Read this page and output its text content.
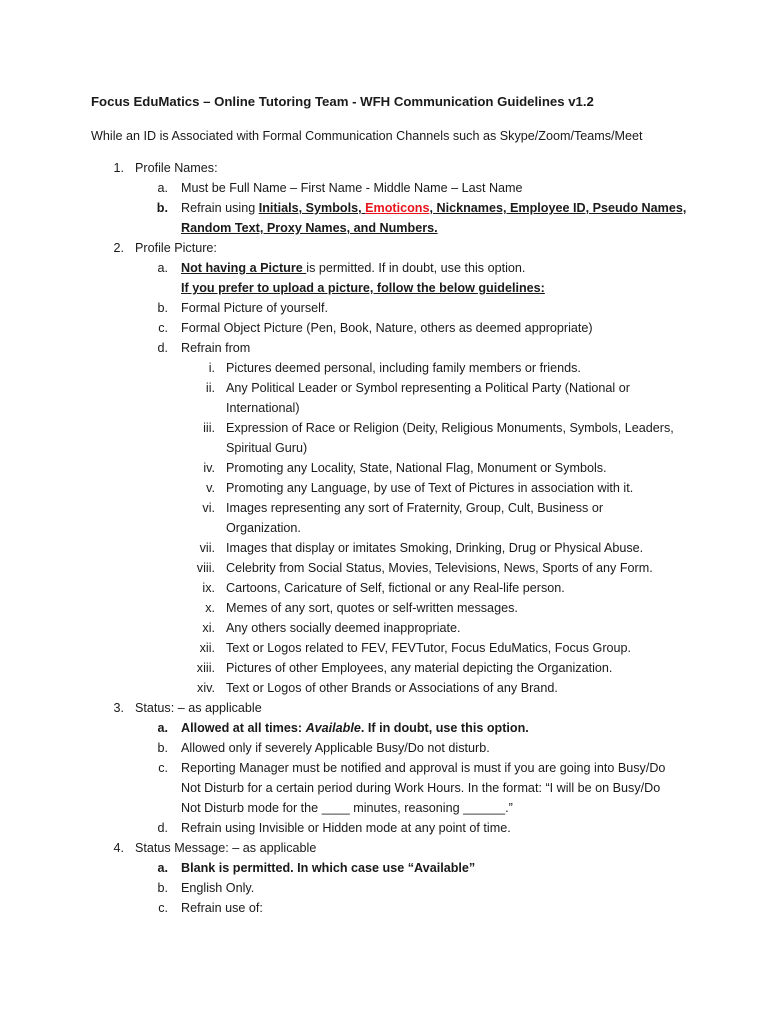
Focus EduMatics – Online Tutoring Team - WFH Communication Guidelines v1.2
While an ID is Associated with Formal Communication Channels such as Skype/Zoom/Teams/Meet
1. Profile Names:
a. Must be Full Name – First Name - Middle Name – Last Name
b. Refrain using Initials, Symbols, Emoticons, Nicknames, Employee ID, Pseudo Names,
Random Text, Proxy Names, and Numbers.
2. Profile Picture:
a. Not having a Picture is permitted. If in doubt, use this option.
If you prefer to upload a picture, follow the below guidelines:
b. Formal Picture of yourself.
c. Formal Object Picture (Pen, Book, Nature, others as deemed appropriate)
d. Refrain from
i. Pictures deemed personal, including family members or friends.
ii. Any Political Leader or Symbol representing a Political Party (National or
International)
iii. Expression of Race or Religion (Deity, Religious Monuments, Symbols, Leaders,
Spiritual Guru)
iv. Promoting any Locality, State, National Flag, Monument or Symbols.
v. Promoting any Language, by use of Text of Pictures in association with it.
vi. Images representing any sort of Fraternity, Group, Cult, Business or
Organization.
vii. Images that display or imitates Smoking, Drinking, Drug or Physical Abuse.
viii. Celebrity from Social Status, Movies, Televisions, News, Sports of any Form.
ix. Cartoons, Caricature of Self, fictional or any Real-life person.
x. Memes of any sort, quotes or self-written messages.
xi. Any others socially deemed inappropriate.
xii. Text or Logos related to FEV, FEVTutor, Focus EduMatics, Focus Group.
xiii. Pictures of other Employees, any material depicting the Organization.
xiv. Text or Logos of other Brands or Associations of any Brand.
3. Status: – as applicable
a. Allowed at all times: Available. If in doubt, use this option.
b. Allowed only if severely Applicable Busy/Do not disturb.
c. Reporting Manager must be notified and approval is must if you are going into Busy/Do
Not Disturb for a certain period during Work Hours. In the format: “I will be on Busy/Do
Not Disturb mode for the ____ minutes, reasoning ______.”
d. Refrain using Invisible or Hidden mode at any point of time.
4. Status Message: – as applicable
a. Blank is permitted. In which case use “Available”
b. English Only.
c. Refrain use of:
